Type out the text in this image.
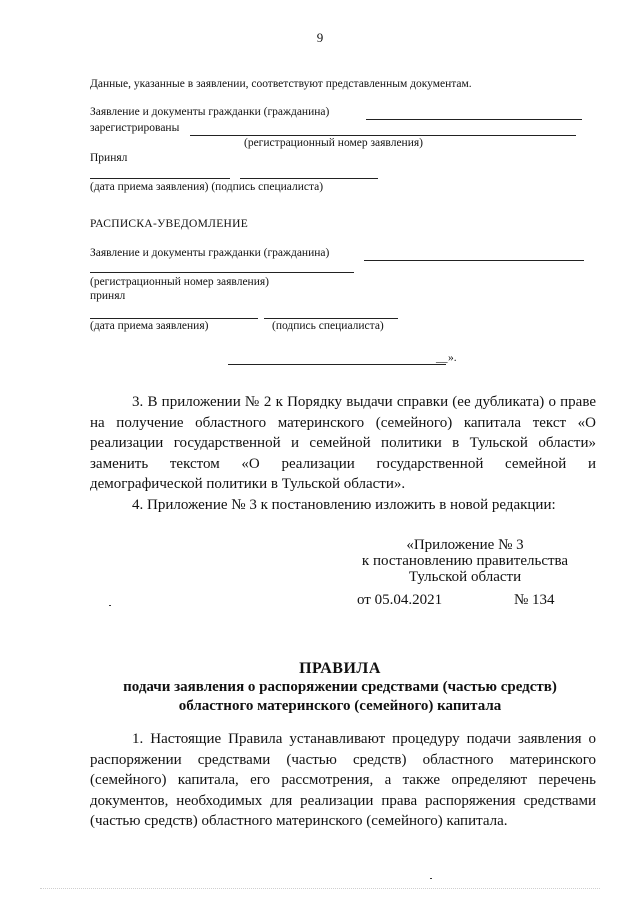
9
Данные, указанные в заявлении, соответствуют представленным документам.
Заявление и документы гражданки (гражданина)
зарегистрированы
(регистрационный номер заявления)
Принял
(дата приема заявления) (подпись специалиста)
РАСПИСКА-УВЕДОМЛЕНИЕ
Заявление и документы гражданки (гражданина)
(регистрационный номер заявления)
принял
(дата приема заявления)	(подпись специалиста)
__ ».

3. В приложении № 2 к Порядку выдачи справки (ее дубликата) о праве на получение областного материнского (семейного) капитала текст «О реализации государственной и семейной политики в Тульской области» заменить текстом «О реализации государственной семейной и демографической политики в Тульской области».

4. Приложение № 3 к постановлению изложить в новой редакции:

«Приложение № 3
к постановлению правительства
Тульской области
от 05.04.2021	№ 134
ПРАВИЛА
подачи заявления о распоряжении средствами (частью средств)
областного материнского (семейного) капитала

1. Настоящие Правила устанавливают процедуру подачи заявления о распоряжении средствами (частью средств) областного материнского (семейного) капитала, его рассмотрения, а также определяют перечень документов, необходимых для реализации права распоряжения средствами (частью средств) областного материнского (семейного) капитала.
